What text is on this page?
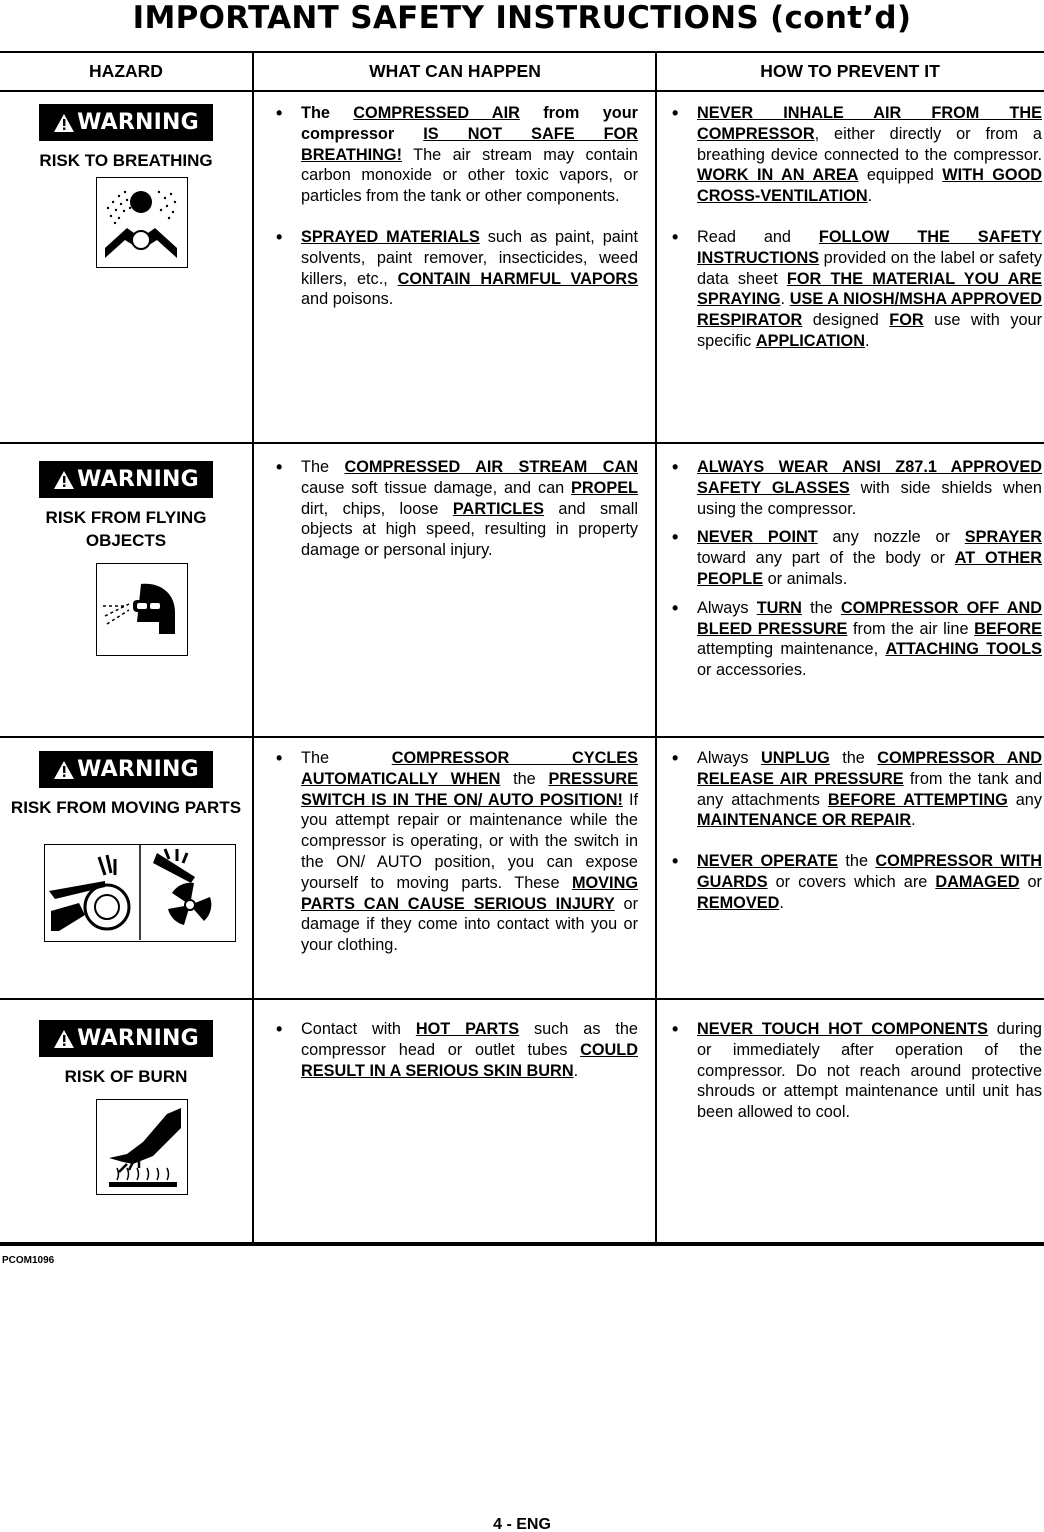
IMPORTANT SAFETY INSTRUCTIONS (cont’d)
HAZARD	WHAT CAN HAPPEN	HOW TO PREVENT IT
WARNING
RISK TO BREATHING
• The COMPRESSED AIR from your compressor IS NOT SAFE FOR BREATHING! The air stream may contain carbon monoxide or other toxic vapors, or particles from the tank or other components.
• SPRAYED MATERIALS such as paint, paint solvents, paint remover, insecticides, weed killers, etc., CONTAIN HARMFUL VAPORS and poisons.
• NEVER INHALE AIR FROM THE COMPRESSOR, either directly or from a breathing device connected to the compressor. WORK IN AN AREA equipped WITH GOOD CROSS-VENTILATION.
• Read and FOLLOW THE SAFETY INSTRUCTIONS provided on the label or safety data sheet FOR THE MATERIAL YOU ARE SPRAYING. USE A NIOSH/MSHA APPROVED RESPIRATOR designed FOR use with your specific APPLICATION.
WARNING
RISK FROM FLYING OBJECTS
• The COMPRESSED AIR STREAM CAN cause soft tissue damage, and can PROPEL dirt, chips, loose PARTICLES and small objects at high speed, resulting in property damage or personal injury.
• ALWAYS WEAR ANSI Z87.1 APPROVED SAFETY GLASSES with side shields when using the compressor.
• NEVER POINT any nozzle or SPRAYER toward any part of the body or AT OTHER PEOPLE or animals.
• Always TURN the COMPRESSOR OFF AND BLEED PRESSURE from the air line BEFORE attempting maintenance, ATTACHING TOOLS or accessories.
WARNING
RISK FROM MOVING PARTS
• The COMPRESSOR CYCLES AUTOMATICALLY WHEN the PRESSURE SWITCH IS IN THE ON/ AUTO POSITION! If you attempt repair or maintenance while the compressor is operating, or with the switch in the ON/ AUTO position, you can expose yourself to moving parts. These MOVING PARTS CAN CAUSE SERIOUS INJURY or damage if they come into contact with you or your clothing.
• Always UNPLUG the COMPRESSOR AND RELEASE AIR PRESSURE from the tank and any attachments BEFORE ATTEMPTING any MAINTENANCE OR REPAIR.
• NEVER OPERATE the COMPRESSOR WITH GUARDS or covers which are DAMAGED or REMOVED.
WARNING
RISK OF BURN
• Contact with HOT PARTS such as the compressor head or outlet tubes COULD RESULT IN A SERIOUS SKIN BURN.
• NEVER TOUCH HOT COMPONENTS during or immediately after operation of the compressor. Do not reach around protective shrouds or attempt maintenance until unit has been allowed to cool.
PCOM1096
4 - ENG
